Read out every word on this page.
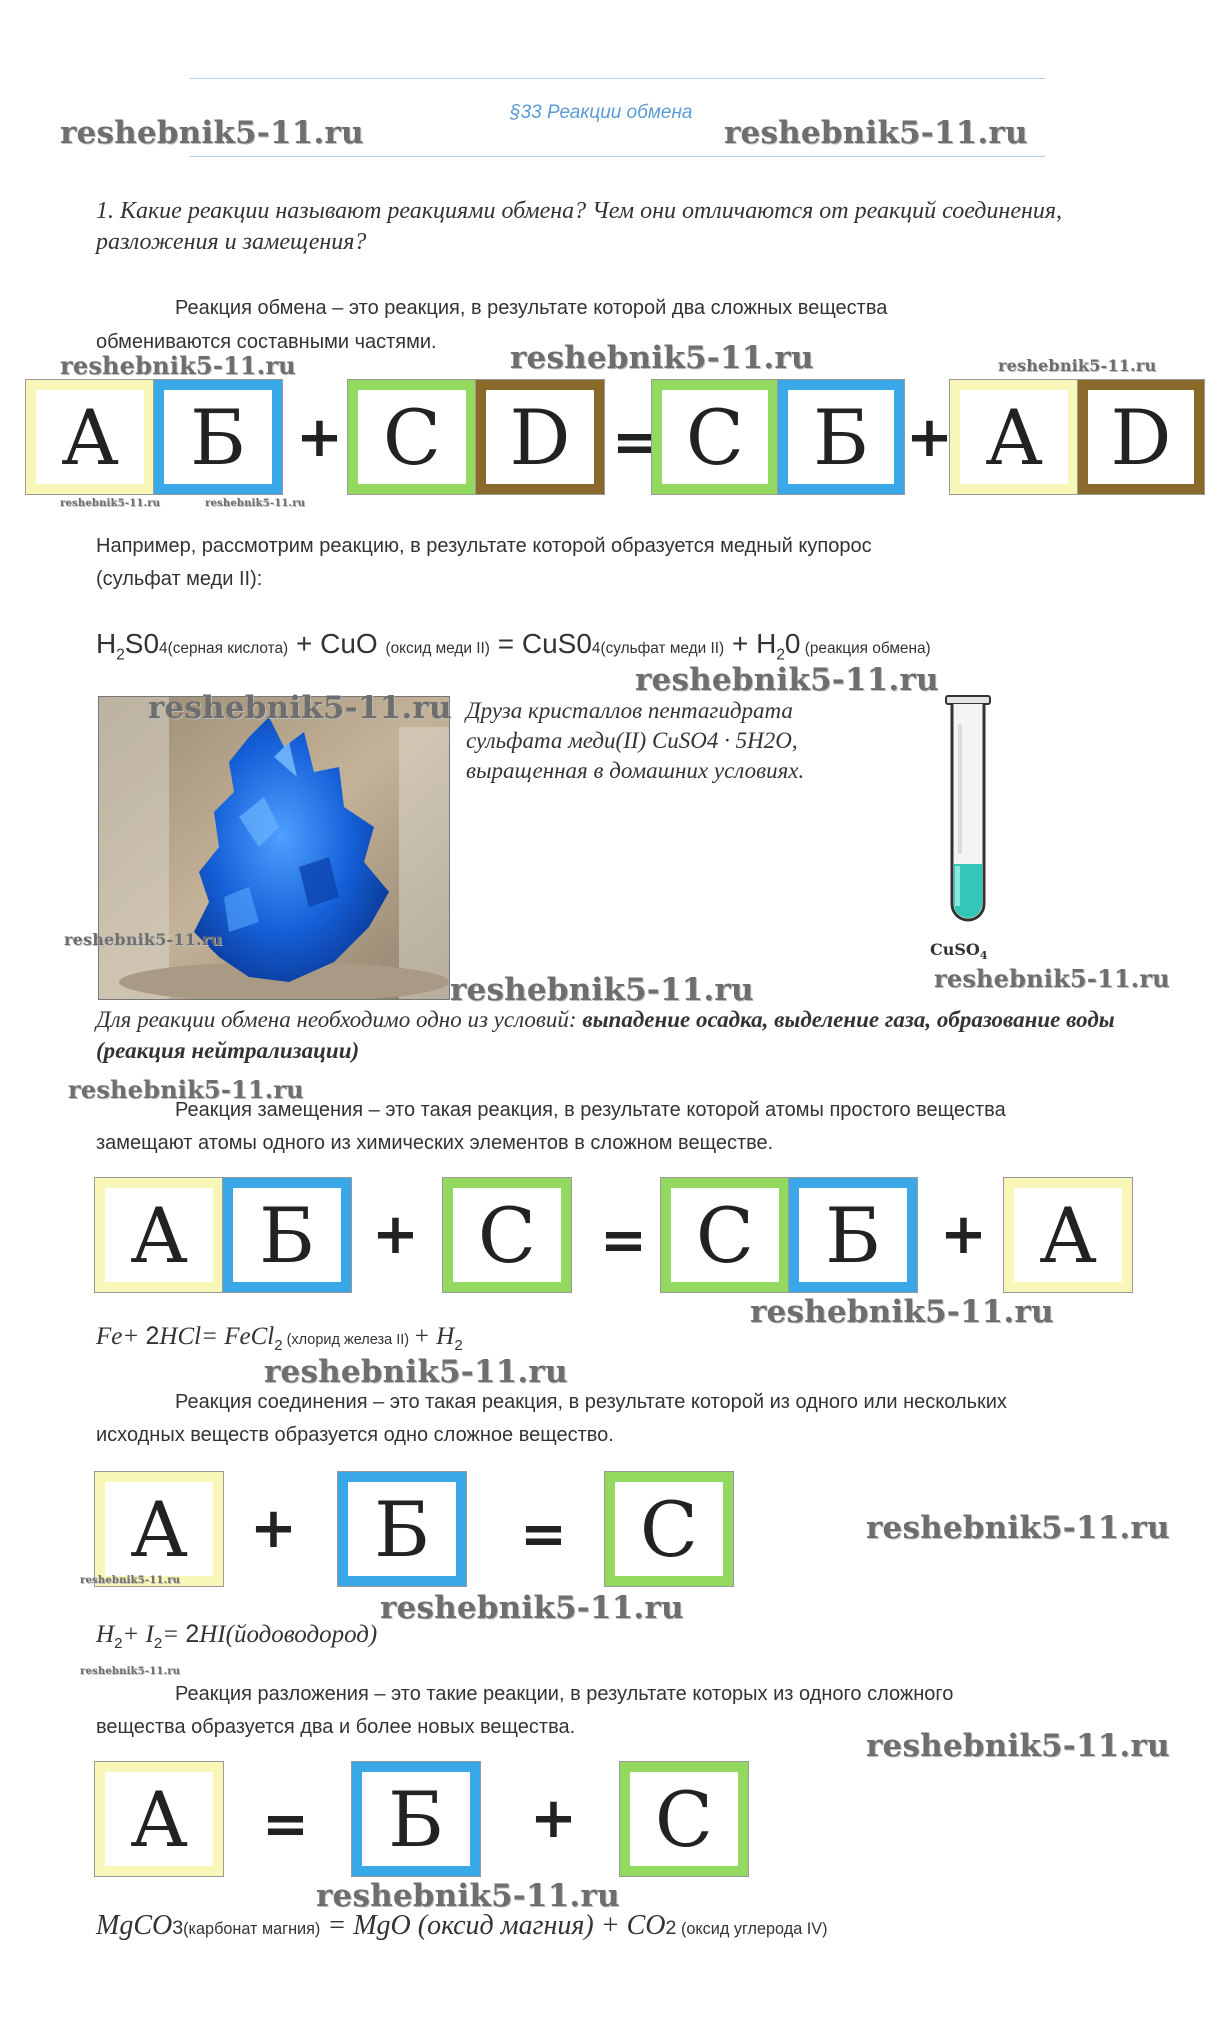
§33 Реакции обмена
reshebnik5-11.ru	reshebnik5-11.ru
1. Какие реакции называют реакциями обмена? Чем они отличаются от реакций соединения, разложения и замещения?
Реакция обмена – это реакция, в результате которой два сложных вещества
обмениваются составными частями.
reshebnik5-11.ru	reshebnik5-11.ru	reshebnik5-11.ru
А Б + C D = C Б + А D
reshebnik5-11.ru	reshebnik5-11.ru
Например, рассмотрим реакцию, в результате которой образуется медный купорос
(сульфат меди II):
$H_2S04(серная$ кислота) + CuO (оксид меди II) = CuS04(сульфат меди $II) + H_20$ (реакция обмена)
reshebnik5-11.ru
reshebnik5-11.ru
reshebnik5-11.ru
reshebnik5-11.ru
Друза кристаллов пентагидрата сульфата меди(II) CuSO4 · 5H2O, выращенная в домашних условиях.
CuSO$_4$
reshebnik5-11.ru
Для реакции обмена необходимо одно из условий: выпадение осадка, выделение газа, образование воды (реакция нейтрализации)
reshebnik5-11.ru
Реакция замещения – это такая реакция, в результате которой атомы простого вещества
замещают атомы одного из химических элементов в сложном веществе.
А Б	+ C	= C Б	+ А
reshebnik5-11.ru
Fe+ 2HCl= FeCl$_2$ (хлорид железа $II) + H_2$
reshebnik5-11.ru
Реакция соединения – это такая реакция, в результате которой из одного или нескольких
исходных веществ образуется одно сложное вещество.
А	+	Б	= C	reshebnik5-11.ru
reshebnik5-11.ru
reshebnik5-11.ru
$H_2+ I_2=$ 2HI(йодоводород)
reshebnik5-11.ru
Реакция разложения – это такие реакции, в результате которых из одного сложного
вещества образуется два и более новых вещества.
reshebnik5-11.ru
А	=	Б	+	C
reshebnik5-11.ru
MgCO3(карбонат магния) = MgO (оксид магния) + CO2 (оксид углерода IV)
